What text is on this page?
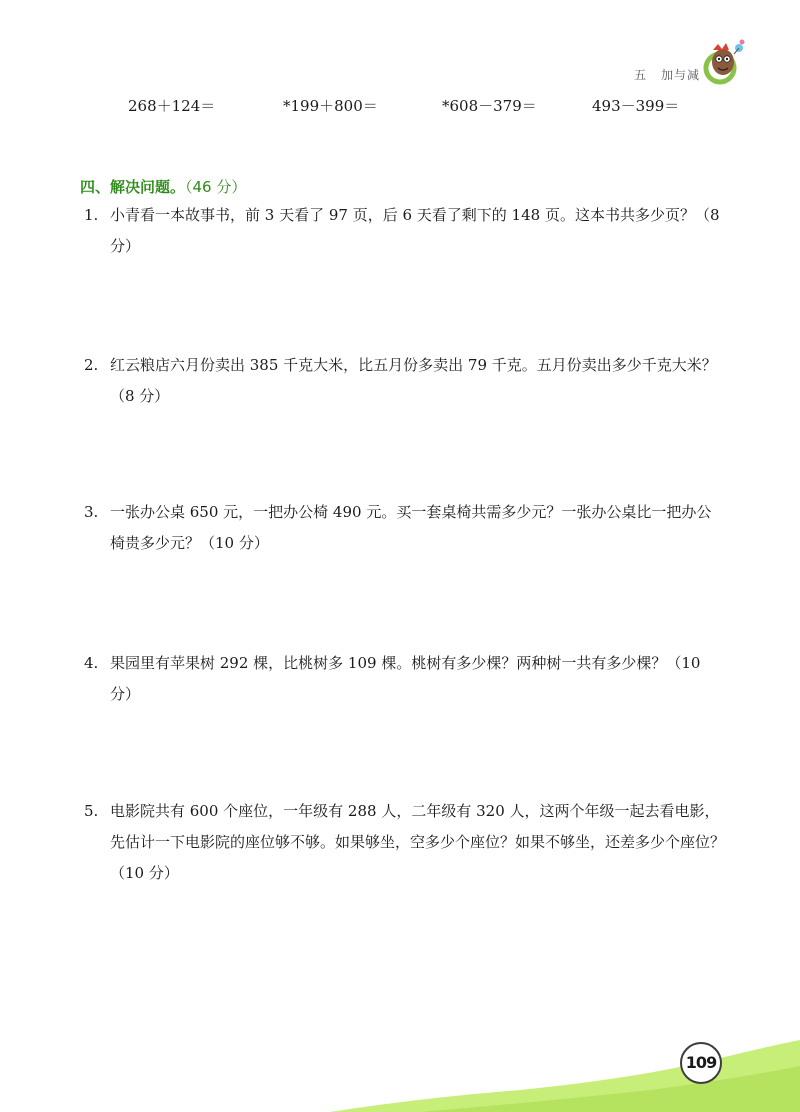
五 加与减
268＋124＝	*199＋800＝	*608－379＝	493－399＝
四、解决问题。（46 分）
1. 小青看一本故事书，前 3 天看了 97 页，后 6 天看了剩下的 148 页。这本书共多少页？（8 分）
2. 红云粮店六月份卖出 385 千克大米，比五月份多卖出 79 千克。五月份卖出多少千克大米？（8 分）
3. 一张办公桌 650 元，一把办公椅 490 元。买一套桌椅共需多少元？一张办公桌比一把办公椅贵多少元？（10 分）
4. 果园里有苹果树 292 棵，比桃树多 109 棵。桃树有多少棵？两种树一共有多少棵？（10 分）
5. 电影院共有 600 个座位，一年级有 288 人，二年级有 320 人，这两个年级一起去看电影，先估计一下电影院的座位够不够。如果够坐，空多少个座位？如果不够坐，还差多少个座位？（10 分）
109
